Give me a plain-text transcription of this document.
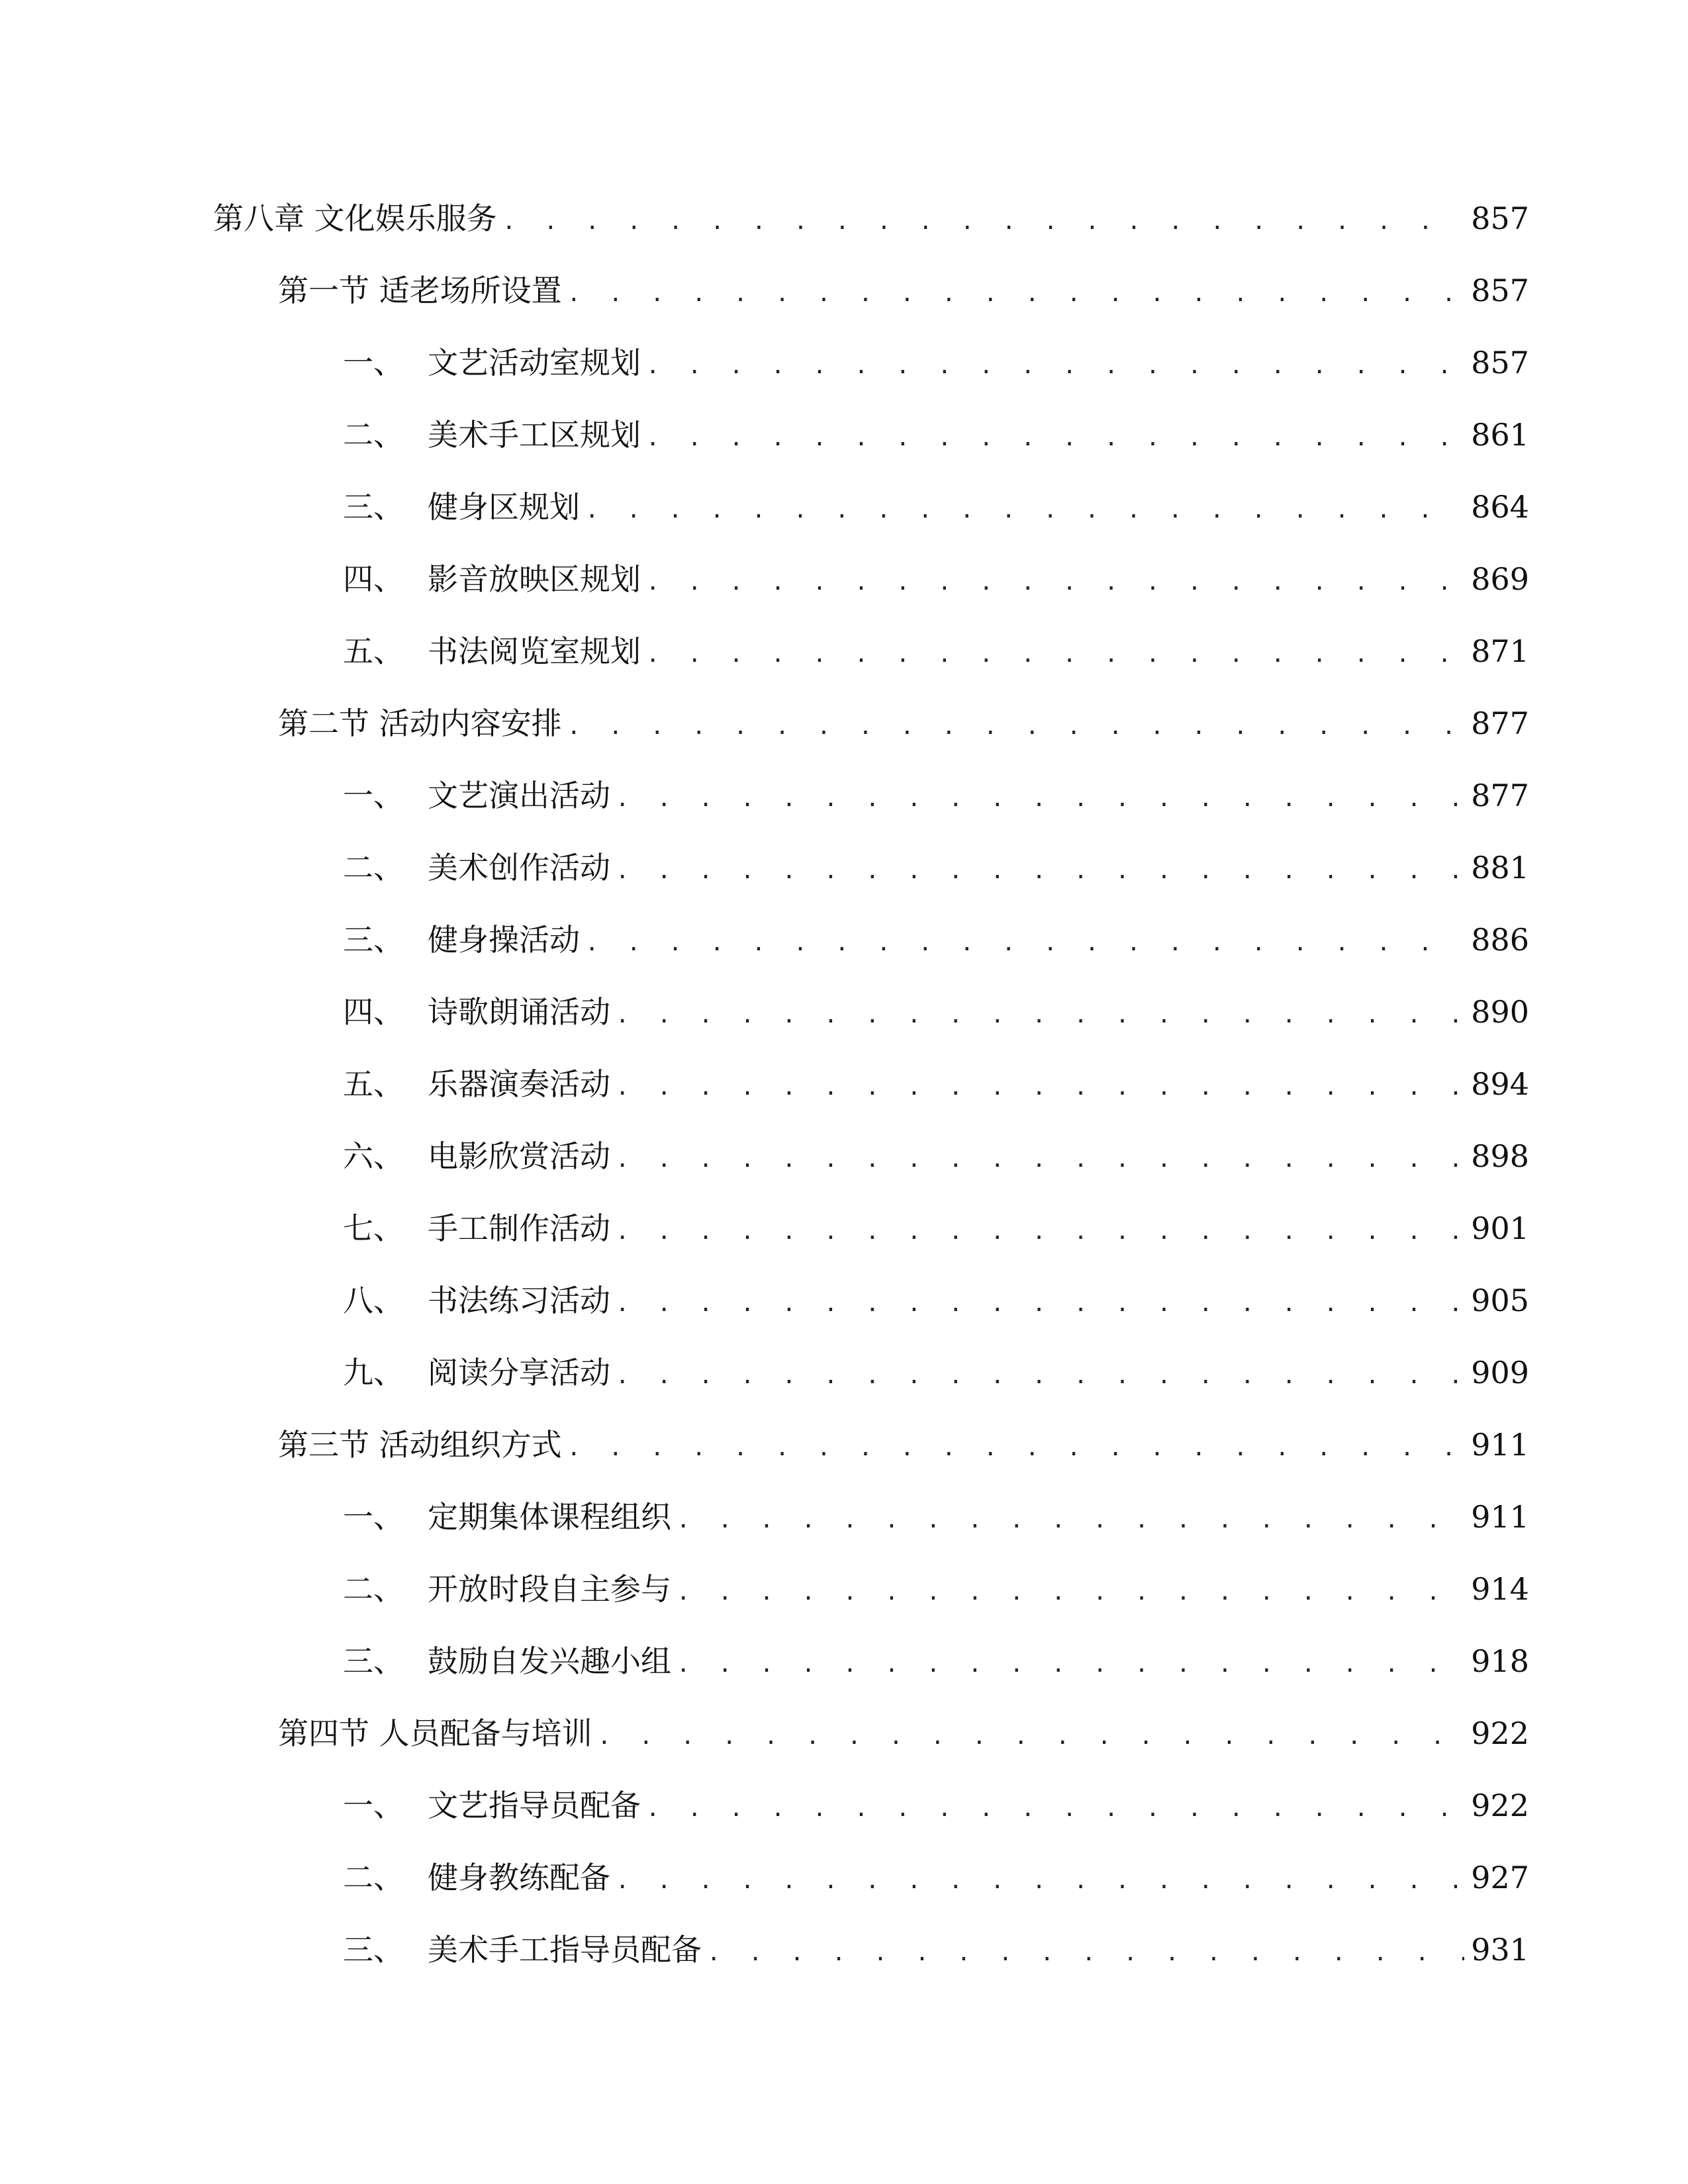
第八章 文化娱乐服务 . . .	857
第一节 适老场所设置 . . .	857
一、 文艺活动室规划 . . .	857
二、 美术手工区规划 . . .	861
三、 健身区规划 . . .	864
四、 影音放映区规划 . . .	869
五、 书法阅览室规划 . . .	871
第二节 活动内容安排 . . .	877
一、 文艺演出活动 . . .	877
二、 美术创作活动 . . .	881
三、 健身操活动 . . .	886
四、 诗歌朗诵活动 . . .	890
五、 乐器演奏活动 . . .	894
六、 电影欣赏活动 . . .	898
七、 手工制作活动 . . .	901
八、 书法练习活动 . . .	905
九、 阅读分享活动 . . .	909
第三节 活动组织方式 . . .	911
一、 定期集体课程组织 . . .	911
二、 开放时段自主参与 . . .	914
三、 鼓励自发兴趣小组 . . .	918
第四节 人员配备与培训 . . .	922
一、 文艺指导员配备 . . .	922
二、 健身教练配备 . . .	927
三、 美术手工指导员配备 . . .	931
